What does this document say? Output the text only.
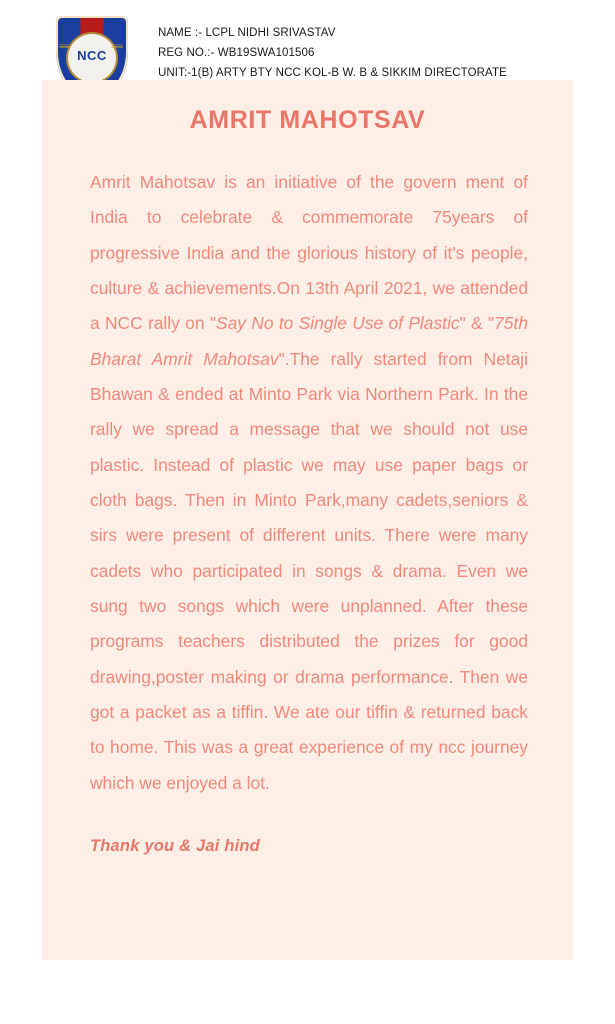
≡≡≡	≡≡≡
NCC
NAME :- LCPL NIDHI SRIVASTAV
REG NO.:- WB19SWA101506
UNIT:-1(B) ARTY BTY NCC KOL-B W. B & SIKKIM DIRECTORATE
AMRIT MAHOTSAV

Amrit Mahotsav is an initiative of the govern ment of India to celebrate & commemorate 75years of progressive India and the glorious history of it's people, culture & achievements.On 13th April 2021, we attended a NCC rally on "Say No to Single Use of Plastic" & "75th Bharat Amrit Mahotsav".The rally started from Netaji Bhawan & ended at Minto Park via Northern Park. In the rally we spread a message that we should not use plastic. Instead of plastic we may use paper bags or cloth bags. Then in Minto Park,many cadets,seniors & sirs were present of different units. There were many cadets who participated in songs & drama. Even we sung two songs which were unplanned. After these programs teachers distributed the prizes for good drawing,poster making or drama performance. Then we got a packet as a tiffin. We ate our tiffin & returned back to home. This was a great experience of my ncc journey which we enjoyed a lot.

Thank you & Jai hind
